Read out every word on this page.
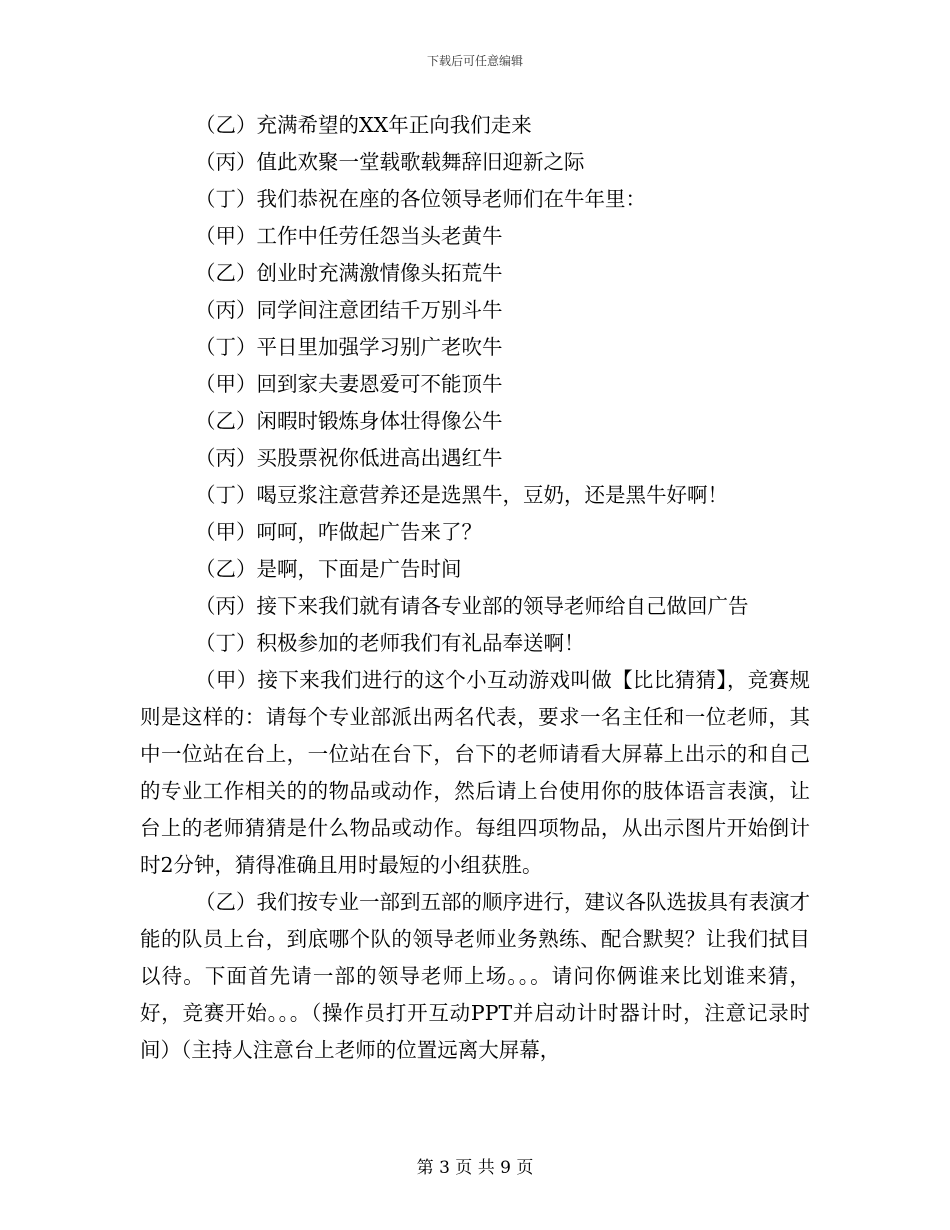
下载后可任意编辑
（乙）充满希望的XX年正向我们走来
（丙）值此欢聚一堂载歌载舞辞旧迎新之际
（丁）我们恭祝在座的各位领导老师们在牛年里：
（甲）工作中任劳任怨当头老黄牛
（乙）创业时充满激情像头拓荒牛
（丙）同学间注意团结千万别斗牛
（丁）平日里加强学习别广老吹牛
（甲）回到家夫妻恩爱可不能顶牛
（乙）闲暇时锻炼身体壮得像公牛
（丙）买股票祝你低进高出遇红牛
（丁）喝豆浆注意营养还是选黑牛，豆奶，还是黑牛好啊！
（甲）呵呵，咋做起广告来了？
（乙）是啊，下面是广告时间
（丙）接下来我们就有请各专业部的领导老师给自己做回广告
（丁）积极参加的老师我们有礼品奉送啊！

（甲）接下来我们进行的这个小互动游戏叫做【比比猜猜】，竞赛规则是这样的：请每个专业部派出两名代表，要求一名主任和一位老师，其中一位站在台上，一位站在台下，台下的老师请看大屏幕上出示的和自己的专业工作相关的的物品或动作，然后请上台使用你的肢体语言表演，让台上的老师猜猜是什么物品或动作。每组四项物品，从出示图片开始倒计时2分钟，猜得准确且用时最短的小组获胜。

（乙）我们按专业一部到五部的顺序进行，建议各队选拔具有表演才能的队员上台，到底哪个队的领导老师业务熟练、配合默契？让我们拭目以待。下面首先请一部的领导老师上场。。。请问你俩谁来比划谁来猜，好，竞赛开始。。。（操作员打开互动PPT并启动计时器计时，注意记录时间）（主持人注意台上老师的位置远离大屏幕，

第 3 页 共 9 页
